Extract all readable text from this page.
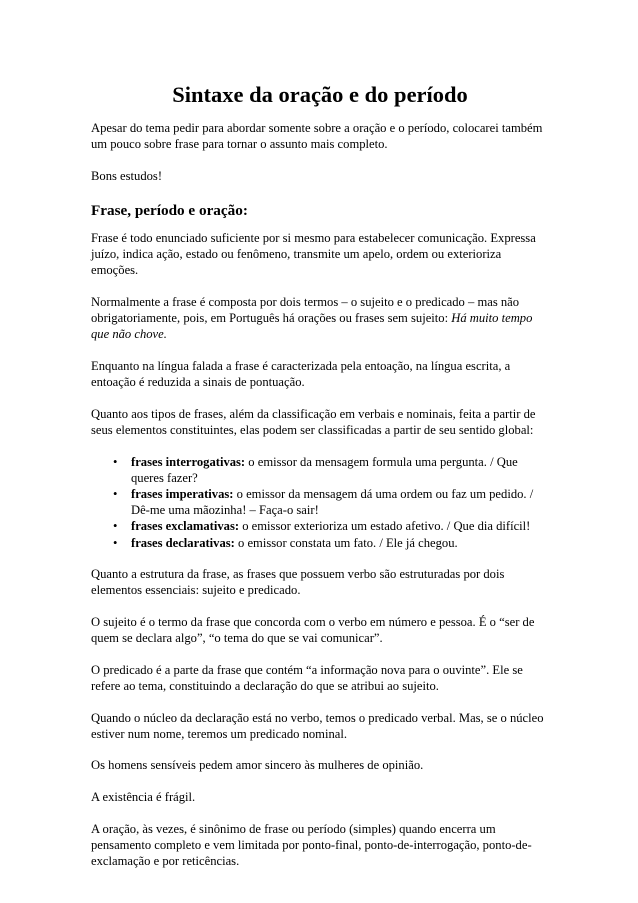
Sintaxe da oração e do período

Apesar do tema pedir para abordar somente sobre a oração e o período, colocarei também um pouco sobre frase para tornar o assunto mais completo.

Bons estudos!

Frase, período e oração:

Frase é todo enunciado suficiente por si mesmo para estabelecer comunicação. Expressa juízo, indica ação, estado ou fenômeno, transmite um apelo, ordem ou exterioriza emoções.

Normalmente a frase é composta por dois termos – o sujeito e o predicado – mas não obrigatoriamente, pois, em Português há orações ou frases sem sujeito: Há muito tempo que não chove.

Enquanto na língua falada a frase é caracterizada pela entoação, na língua escrita, a entoação é reduzida a sinais de pontuação.

Quanto aos tipos de frases, além da classificação em verbais e nominais, feita a partir de seus elementos constituintes, elas podem ser classificadas a partir de seu sentido global:

• frases interrogativas: o emissor da mensagem formula uma pergunta. / Que queres fazer?
• frases imperativas: o emissor da mensagem dá uma ordem ou faz um pedido. / Dê-me uma mãozinha! – Faça-o sair!
• frases exclamativas: o emissor exterioriza um estado afetivo. / Que dia difícil!
• frases declarativas: o emissor constata um fato. / Ele já chegou.

Quanto a estrutura da frase, as frases que possuem verbo são estruturadas por dois elementos essenciais: sujeito e predicado.

O sujeito é o termo da frase que concorda com o verbo em número e pessoa. É o “ser de quem se declara algo”, “o tema do que se vai comunicar”.

O predicado é a parte da frase que contém “a informação nova para o ouvinte”. Ele se refere ao tema, constituindo a declaração do que se atribui ao sujeito.

Quando o núcleo da declaração está no verbo, temos o predicado verbal. Mas, se o núcleo estiver num nome, teremos um predicado nominal.

Os homens sensíveis pedem amor sincero às mulheres de opinião.

A existência é frágil.

A oração, às vezes, é sinônimo de frase ou período (simples) quando encerra um pensamento completo e vem limitada por ponto-final, ponto-de-interrogação, ponto-de-exclamação e por reticências.
